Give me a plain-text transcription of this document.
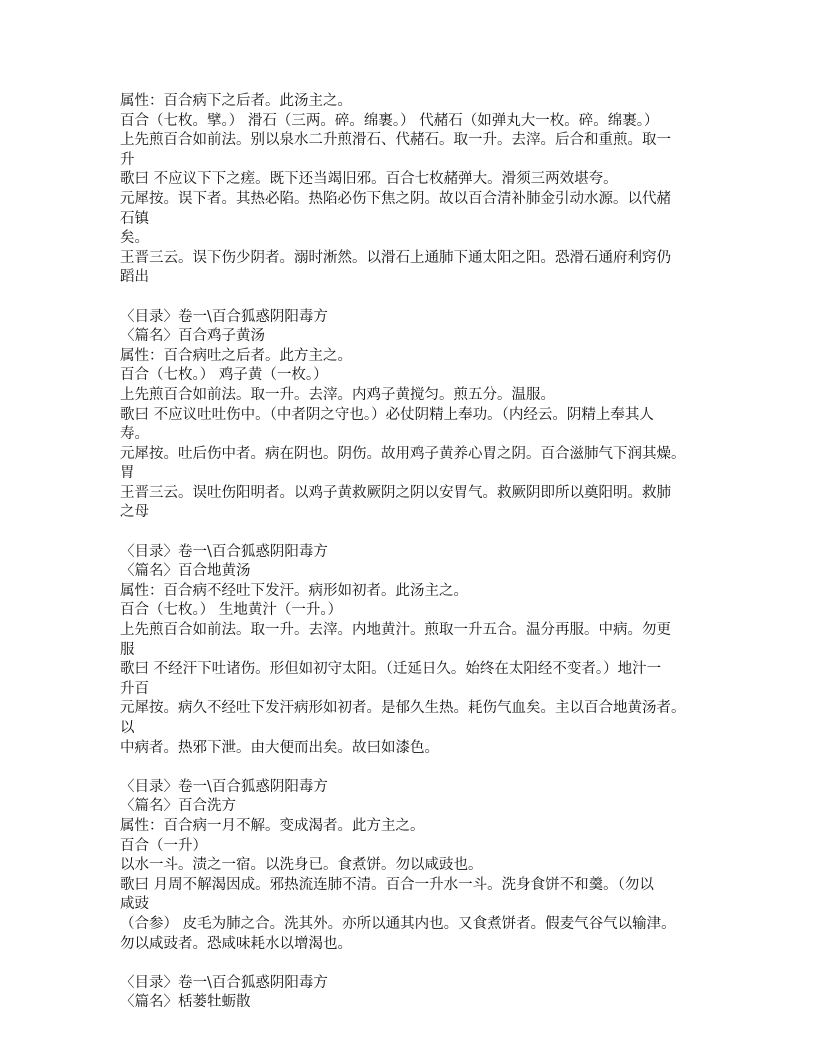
属性：百合病下之后者。此汤主之。
百合（七枚。擘。） 滑石（三两。碎。绵裹。） 代赭石（如弹丸大一枚。碎。绵裹。）
上先煎百合如前法。别以泉水二升煎滑石、代赭石。取一升。去滓。后合和重煎。取一
升
歌曰 不应议下下之瘥。既下还当竭旧邪。百合七枚赭弹大。滑须三两效堪夸。
元犀按。误下者。其热必陷。热陷必伤下焦之阴。故以百合清补肺金引动水源。以代赭
石镇
矣。
王晋三云。误下伤少阴者。溺时淅然。以滑石上通肺下通太阳之阳。恐滑石通府利窍仍
蹈出
〈目录〉卷一\百合狐惑阴阳毒方
〈篇名〉百合鸡子黄汤
属性：百合病吐之后者。此方主之。
百合（七枚。） 鸡子黄（一枚。）
上先煎百合如前法。取一升。去滓。内鸡子黄搅匀。煎五分。温服。
歌曰 不应议吐吐伤中。（中者阴之守也。）必仗阴精上奉功。（内经云。阴精上奉其人
寿。
元犀按。吐后伤中者。病在阴也。阴伤。故用鸡子黄养心胃之阴。百合滋肺气下润其燥。
胃
王晋三云。误吐伤阳明者。以鸡子黄救厥阴之阴以安胃气。救厥阴即所以奠阳明。救肺
之母
〈目录〉卷一\百合狐惑阴阳毒方
〈篇名〉百合地黄汤
属性：百合病不经吐下发汗。病形如初者。此汤主之。
百合（七枚。） 生地黄汁（一升。）
上先煎百合如前法。取一升。去滓。内地黄汁。煎取一升五合。温分再服。中病。勿更
服
歌曰 不经汗下吐诸伤。形但如初守太阳。（迁延日久。始终在太阳经不变者。）地汁一
升百
元犀按。病久不经吐下发汗病形如初者。是郁久生热。耗伤气血矣。主以百合地黄汤者。
以
中病者。热邪下泄。由大便而出矣。故曰如漆色。
〈目录〉卷一\百合狐惑阴阳毒方
〈篇名〉百合洗方
属性：百合病一月不解。变成渴者。此方主之。
百合（一升）
以水一斗。渍之一宿。以洗身已。食煮饼。勿以咸豉也。
歌曰 月周不解渴因成。邪热流连肺不清。百合一升水一斗。洗身食饼不和羹。（勿以
咸豉
（合参） 皮毛为肺之合。洗其外。亦所以通其内也。又食煮饼者。假麦气谷气以输津。
勿以咸豉者。恐咸味耗水以增渴也。
〈目录〉卷一\百合狐惑阴阳毒方
〈篇名〉栝蒌牡蛎散
